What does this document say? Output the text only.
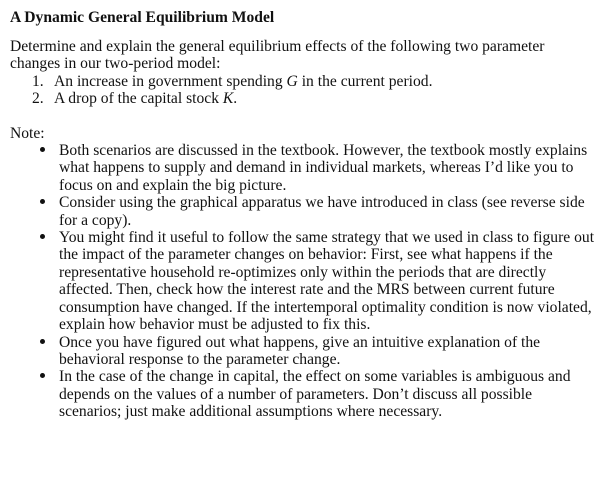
A Dynamic General Equilibrium Model

Determine and explain the general equilibrium effects of the following two parameter changes in our two-period model:

1. An increase in government spending G in the current period.
2. A drop of the capital stock K.

Note:

Both scenarios are discussed in the textbook. However, the textbook mostly explains what happens to supply and demand in individual markets, whereas I’d like you to focus on and explain the big picture.
Consider using the graphical apparatus we have introduced in class (see reverse side for a copy).
You might find it useful to follow the same strategy that we used in class to figure out the impact of the parameter changes on behavior: First, see what happens if the representative household re-optimizes only within the periods that are directly affected. Then, check how the interest rate and the MRS between current future consumption have changed. If the intertemporal optimality condition is now violated, explain how behavior must be adjusted to fix this.
Once you have figured out what happens, give an intuitive explanation of the behavioral response to the parameter change.
In the case of the change in capital, the effect on some variables is ambiguous and depends on the values of a number of parameters. Don’t discuss all possible scenarios; just make additional assumptions where necessary.
